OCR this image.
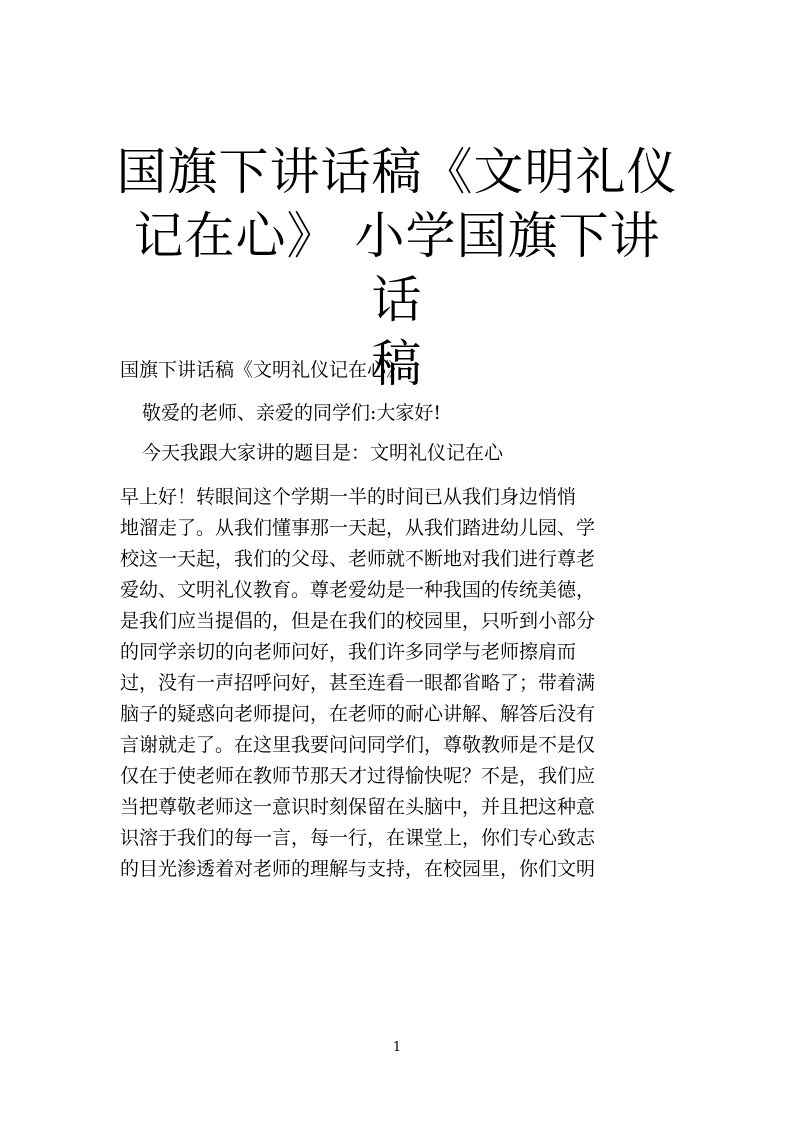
国旗下讲话稿《文明礼仪
记在心》 小学国旗下讲话
稿

国旗下讲话稿《文明礼仪记在心》

敬爱的老师、亲爱的同学们:大家好!

今天我跟大家讲的题目是：文明礼仪记在心

早上好！转眼间这个学期一半的时间已从我们身边悄悄
地溜走了。从我们懂事那一天起，从我们踏进幼儿园、学
校这一天起，我们的父母、老师就不断地对我们进行尊老
爱幼、文明礼仪教育。尊老爱幼是一种我国的传统美德，
是我们应当提倡的，但是在我们的校园里，只听到小部分
的同学亲切的向老师问好，我们许多同学与老师擦肩而
过，没有一声招呼问好，甚至连看一眼都省略了；带着满
脑子的疑惑向老师提问，在老师的耐心讲解、解答后没有
言谢就走了。在这里我要问问同学们，尊敬教师是不是仅
仅在于使老师在教师节那天才过得愉快呢？不是，我们应
当把尊敬老师这一意识时刻保留在头脑中，并且把这种意
识溶于我们的每一言，每一行，在课堂上，你们专心致志
的目光渗透着对老师的理解与支持，在校园里，你们文明
1
